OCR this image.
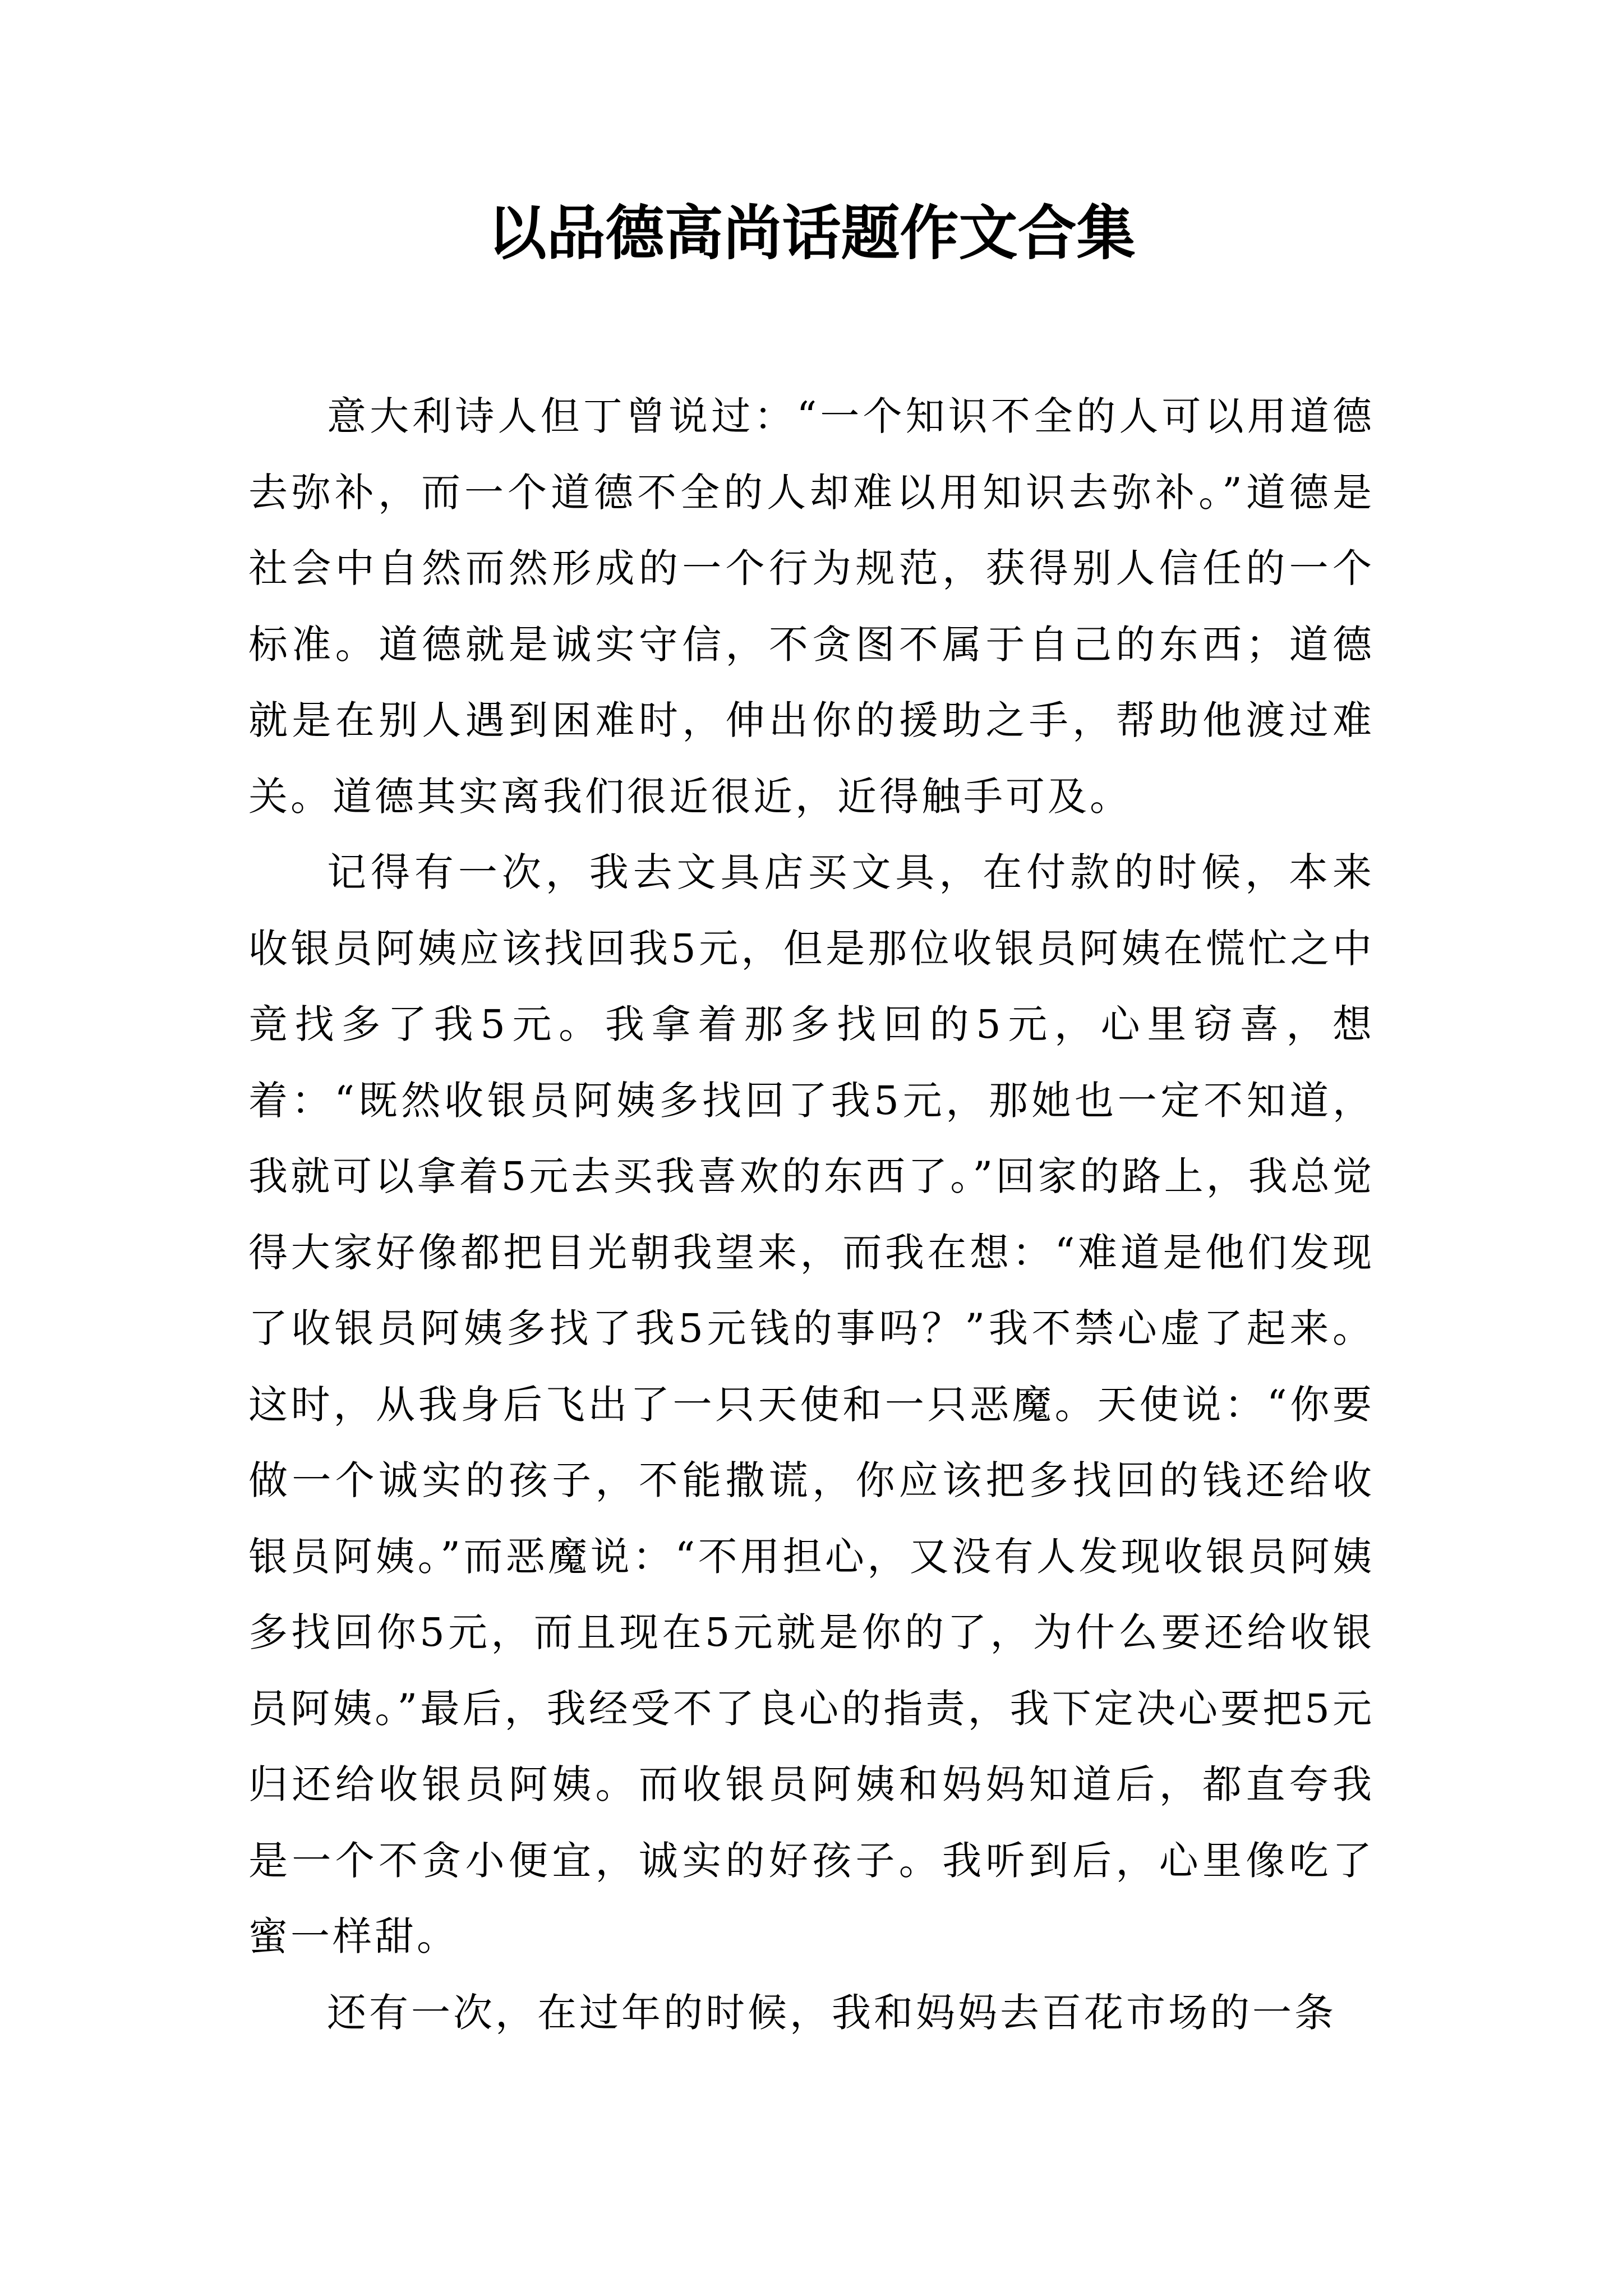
以品德高尚话题作文合集

意大利诗人但丁曾说过：“一个知识不全的人可以用道德去弥补，而一个道德不全的人却难以用知识去弥补。”道德是社会中自然而然形成的一个行为规范，获得别人信任的一个标准。道德就是诚实守信，不贪图不属于自己的东西；道德就是在别人遇到困难时，伸出你的援助之手，帮助他渡过难关。道德其实离我们很近很近，近得触手可及。

记得有一次，我去文具店买文具，在付款的时候，本来收银员阿姨应该找回我5元，但是那位收银员阿姨在慌忙之中竟找多了我5元。我拿着那多找回的5元，心里窃喜，想着：“既然收银员阿姨多找回了我5元，那她也一定不知道，我就可以拿着5元去买我喜欢的东西了。”回家的路上，我总觉得大家好像都把目光朝我望来，而我在想：“难道是他们发现了收银员阿姨多找了我5元钱的事吗？”我不禁心虚了起来。这时，从我身后飞出了一只天使和一只恶魔。天使说：“你要做一个诚实的孩子，不能撒谎，你应该把多找回的钱还给收银员阿姨。”而恶魔说：“不用担心，又没有人发现收银员阿姨多找回你5元，而且现在5元就是你的了，为什么要还给收银员阿姨。”最后，我经受不了良心的指责，我下定决心要把5元归还给收银员阿姨。而收银员阿姨和妈妈知道后，都直夸我是一个不贪小便宜，诚实的好孩子。我听到后，心里像吃了蜜一样甜。

还有一次，在过年的时候，我和妈妈去百花市场的一条
